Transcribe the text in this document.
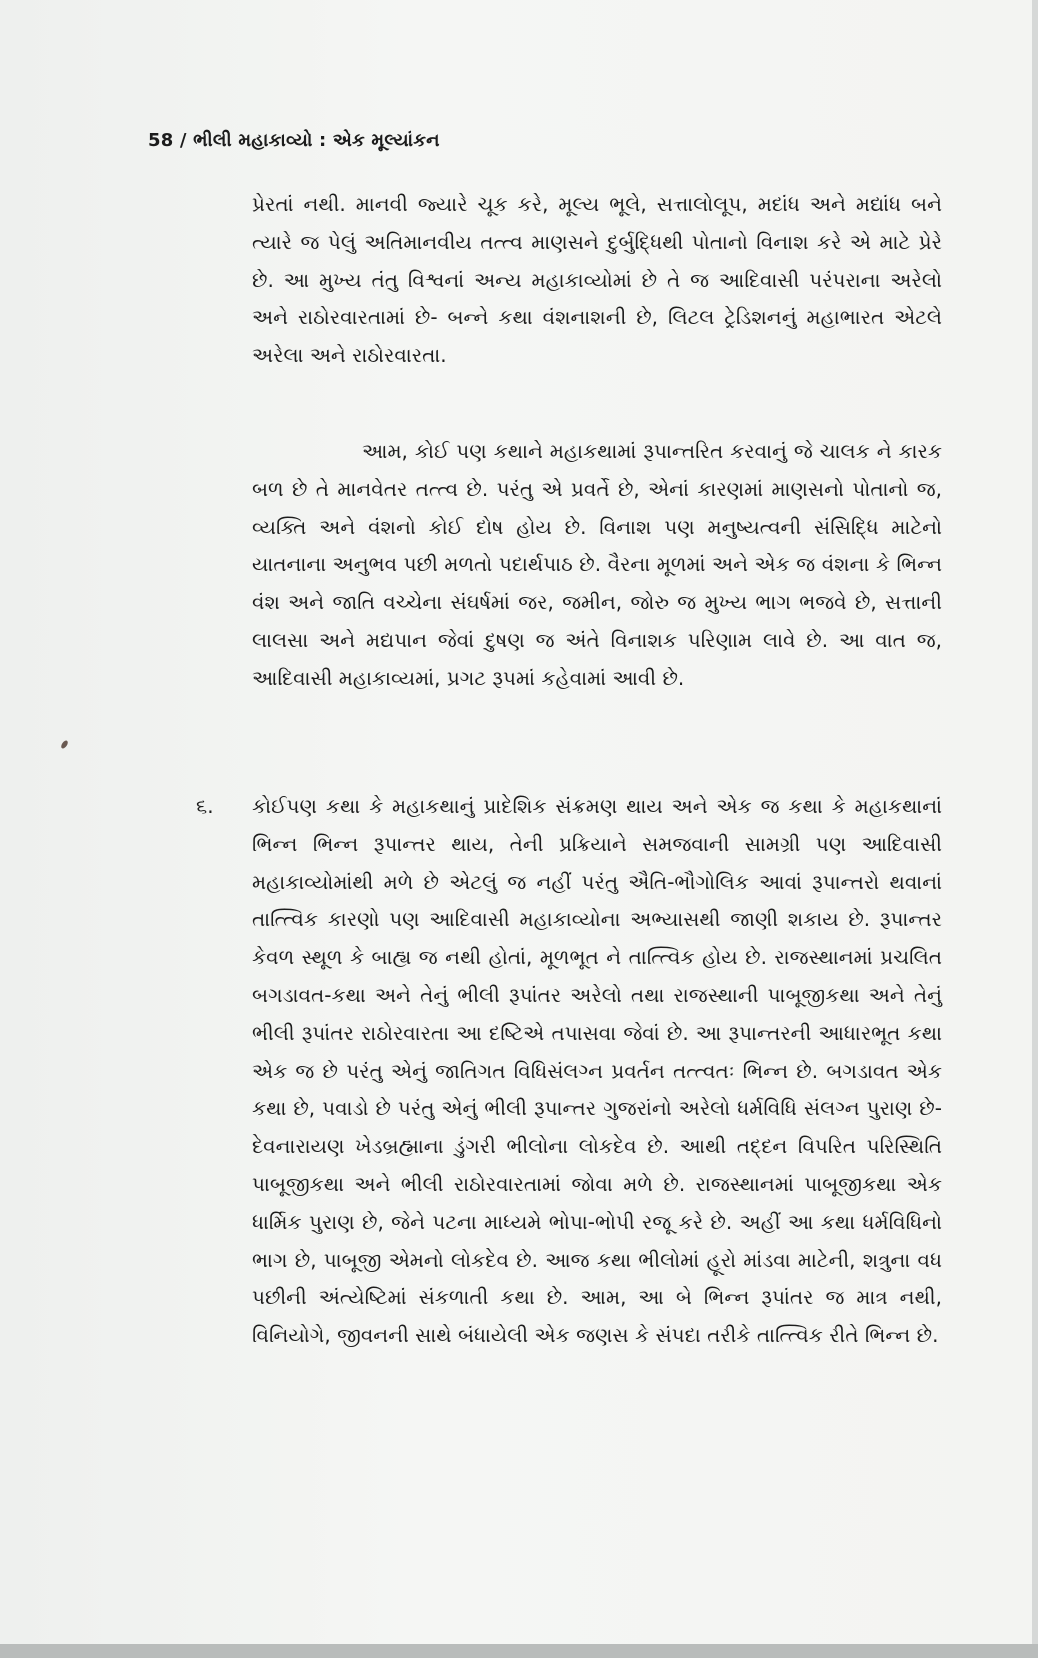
58 / ભીલી મહાકાવ્યો : એક મૂલ્યાંકન
પ્રેરતાં નથી. માનવી જ્યારે ચૂક કરે, મૂલ્ય ભૂલે, સત્તાલોલૂપ, મદાંધ અને મદ્યાંધ બને ત્યારે જ પેલું અતિમાનવીય તત્ત્વ માણસને દુર્બુદ્ધિથી પોતાનો વિનાશ કરે એ માટે પ્રેરે છે. આ મુખ્ય તંતુ વિશ્વનાં અન્ય મહાકાવ્યોમાં છે તે જ આદિવાસી પરંપરાના અરેલો અને રાઠોરવારતામાં છે- બન્ને કથા વંશનાશની છે, લિટલ ટ્રેડિશનનું મહાભારત એટલે અરેલા અને રાઠોરવારતા.
આમ, કોઈ પણ કથાને મહાકથામાં રૂપાન્તરિત કરવાનું જે ચાલક ને કારક બળ છે તે માનવેતર તત્ત્વ છે. પરંતુ એ પ્રવર્તે છે, એનાં કારણમાં માણસનો પોતાનો જ, વ્યક્તિ અને વંશનો કોઈ દોષ હોય છે. વિનાશ પણ મનુષ્યત્વની સંસિદ્ધિ માટેનો યાતનાના અનુભવ પછી મળતો પદાર્થપાઠ છે. વૈરના મૂળમાં અને એક જ વંશના કે ભિન્ન વંશ અને જાતિ વચ્ચેના સંઘર્ષમાં જર, જમીન, જોરુ જ મુખ્ય ભાગ ભજવે છે, સત્તાની લાલસા અને મદ્યપાન જેવાં દુષણ જ અંતે વિનાશક પરિણામ લાવે છે. આ વાત જ, આદિવાસી મહાકાવ્યમાં, પ્રગટ રૂપમાં કહેવામાં આવી છે.
૬. કોઈપણ કથા કે મહાકથાનું પ્રાદેશિક સંક્રમણ થાય અને એક જ કથા કે મહાકથાનાં ભિન્ન ભિન્ન રૂપાન્તર થાય, તેની પ્રક્રિયાને સમજવાની સામગ્રી પણ આદિવાસી મહાકાવ્યોમાંથી મળે છે એટલું જ નહીં પરંતુ ઐતિ-ભૌગોલિક આવાં રૂપાન્તરો થવાનાં તાત્ત્વિક કારણો પણ આદિવાસી મહાકાવ્યોના અભ્યાસથી જાણી શકાય છે. રૂપાન્તર કેવળ સ્થૂળ કે બાહ્ય જ નથી હોતાં, મૂળભૂત ને તાત્ત્વિક હોય છે. રાજસ્થાનમાં પ્રચલિત બગડાવત-કથા અને તેનું ભીલી રૂપાંતર અરેલો તથા રાજસ્થાની પાબૂજીકથા અને તેનું ભીલી રૂપાંતર રાઠોરવારતા આ દષ્ટિએ તપાસવા જેવાં છે. આ રૂપાન્તરની આધારભૂત કથા એક જ છે પરંતુ એનું જાતિગત વિધિસંલગ્ન પ્રવર્તન તત્ત્વતઃ ભિન્ન છે. બગડાવત એક કથા છે, પવાડો છે પરંતુ એનું ભીલી રૂપાન્તર ગુજરાંનો અરેલો ધર્મવિધિ સંલગ્ન પુરાણ છે- દેવનારાયણ ખેડબ્રહ્માના ડુંગરી ભીલોના લોકદેવ છે. આથી તદ્દન વિપરિત પરિસ્થિતિ પાબૂજીકથા અને ભીલી રાઠોરવારતામાં જોવા મળે છે. રાજસ્થાનમાં પાબૂજીકથા એક ધાર્મિક પુરાણ છે, જેને પટના માધ્યમે ભોપા-ભોપી રજૂ કરે છે. અહીં આ કથા ધર્મવિધિનો ભાગ છે, પાબૂજી એમનો લોકદેવ છે. આજ કથા ભીલોમાં હૂરો માંડવા માટેની, શત્રુના વધ પછીની અંત્યેષ્ટિમાં સંકળાતી કથા છે. આમ, આ બે ભિન્ન રૂપાંતર જ માત્ર નથી, વિનિયોગે, જીવનની સાથે બંધાયેલી એક જણસ કે સંપદા તરીકે તાત્ત્વિક રીતે ભિન્ન છે.
